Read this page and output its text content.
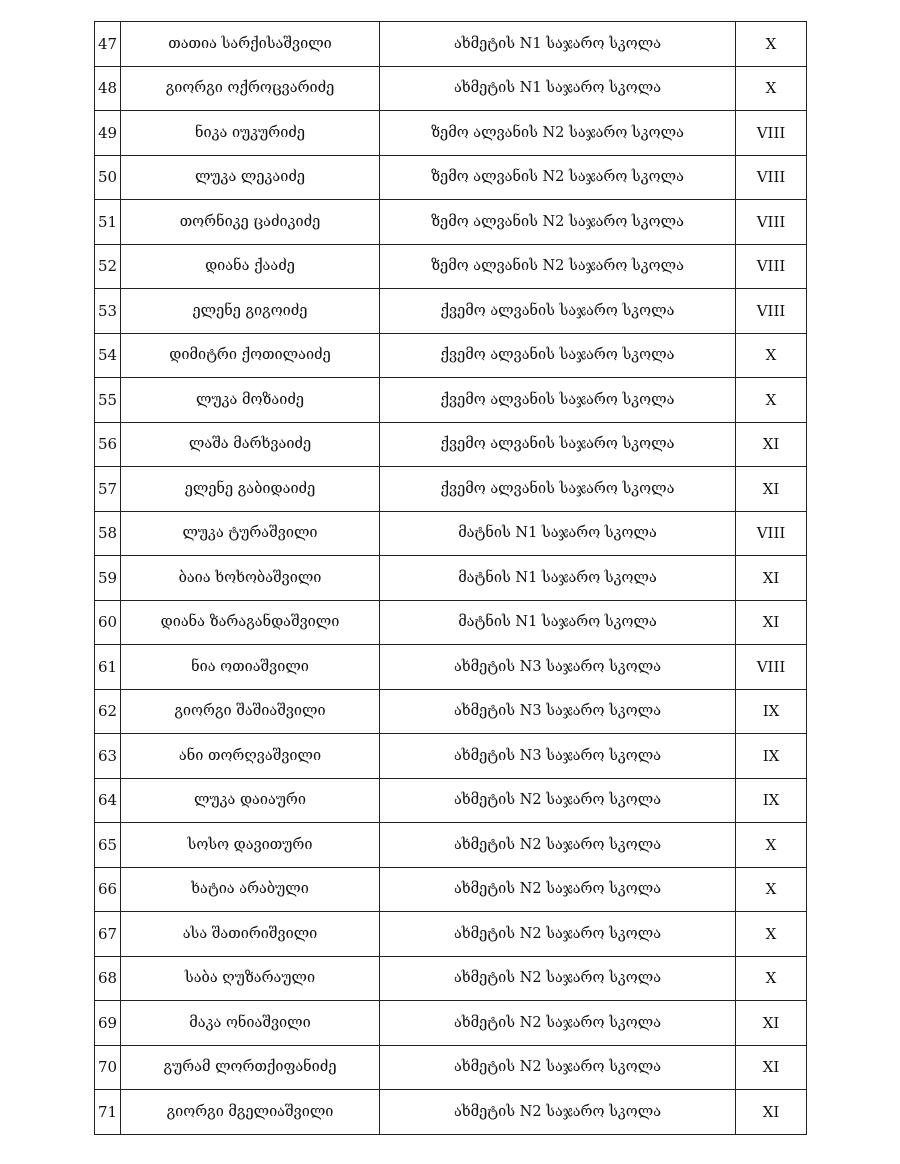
47	თათია სარქისაშვილი	ახმეტის N1 საჯარო სკოლა	X
48	გიორგი ოქროცვარიძე	ახმეტის N1 საჯარო სკოლა	X
49	ნიკა იუკურიძე	ზემო ალვანის N2 საჯარო სკოლა	VIII
50	ლუკა ლეკაიძე	ზემო ალვანის N2 საჯარო სკოლა	VIII
51	თორნიკე ცაძიკიძე	ზემო ალვანის N2 საჯარო სკოლა	VIII
52	დიანა ქააძე	ზემო ალვანის N2 საჯარო სკოლა	VIII
53	ელენე გიგოიძე	ქვემო ალვანის საჯარო სკოლა	VIII
54	დიმიტრი ქოთილაიძე	ქვემო ალვანის საჯარო სკოლა	X
55	ლუკა მოზაიძე	ქვემო ალვანის საჯარო სკოლა	X
56	ლაშა მარხვაიძე	ქვემო ალვანის საჯარო სკოლა	XI
57	ელენე გაბიდაიძე	ქვემო ალვანის საჯარო სკოლა	XI
58	ლუკა ტურაშვილი	მატნის N1 საჯარო სკოლა	VIII
59	ბაია ხოხობაშვილი	მატნის N1 საჯარო სკოლა	XI
60	დიანა ზარაგანდაშვილი	მატნის N1 საჯარო სკოლა	XI
61	ნია ოთიაშვილი	ახმეტის N3 საჯარო სკოლა	VIII
62	გიორგი შაშიაშვილი	ახმეტის N3 საჯარო სკოლა	IX
63	ანი თორღვაშვილი	ახმეტის N3 საჯარო სკოლა	IX
64	ლუკა დაიაური	ახმეტის N2 საჯარო სკოლა	IX
65	სოსო დავითური	ახმეტის N2 საჯარო სკოლა	X
66	ხატია არაბული	ახმეტის N2 საჯარო სკოლა	X
67	ასა შათირიშვილი	ახმეტის N2 საჯარო სკოლა	X
68	საბა ღუზარაული	ახმეტის N2 საჯარო სკოლა	X
69	მაკა ონიაშვილი	ახმეტის N2 საჯარო სკოლა	XI
70	გურამ ლორთქიფანიძე	ახმეტის N2 საჯარო სკოლა	XI
71	გიორგი მგელიაშვილი	ახმეტის N2 საჯარო სკოლა	XI
